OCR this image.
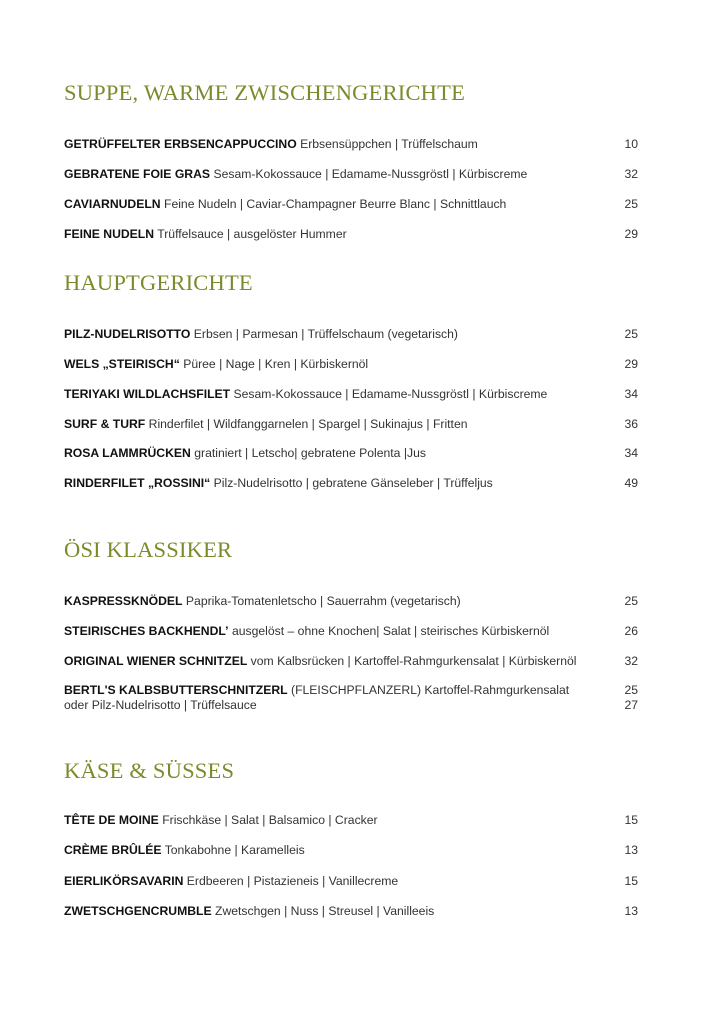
SUPPE, WARME ZWISCHENGERICHTE
GETRÜFFELTER ERBSENCAPPUCCINO Erbsensüppchen | Trüffelschaum	10
GEBRATENE FOIE GRAS Sesam-Kokossauce | Edamame-Nussgröstl | Kürbiscreme	32
CAVIARNUDELN Feine Nudeln | Caviar-Champagner Beurre Blanc | Schnittlauch	25
FEINE NUDELN Trüffelsauce | ausgelöster Hummer	29
HAUPTGERICHTE
PILZ-NUDELRISOTTO Erbsen | Parmesan | Trüffelschaum (vegetarisch)	25
WELS „STEIRISCH“ Püree | Nage | Kren | Kürbiskernöl	29
TERIYAKI WILDLACHSFILET Sesam-Kokossauce | Edamame-Nussgröstl | Kürbiscreme	34
SURF & TURF Rinderfilet | Wildfanggarnelen | Spargel | Sukinajus | Fritten	36
ROSA LAMMRÜCKEN gratiniert | Letscho| gebratene Polenta |Jus	34
RINDERFILET „ROSSINI“ Pilz-Nudelrisotto | gebratene Gänseleber | Trüffeljus	49
ÖSI KLASSIKER
KASPRESSKNÖDEL Paprika-Tomatenletscho | Sauerrahm (vegetarisch)	25
STEIRISCHES BACKHENDL’ ausgelöst – ohne Knochen| Salat | steirisches Kürbiskernöl	26
ORIGINAL WIENER SCHNITZEL vom Kalbsrücken | Kartoffel-Rahmgurkensalat | Kürbiskernöl	32
BERTL'S KALBSBUTTERSCHNITZERL (FLEISCHPFLANZERL) Kartoffel-Rahmgurkensalat	25
oder Pilz-Nudelrisotto | Trüffelsauce	27
KÄSE & SÜSSES
TÊTE DE MOINE Frischkäse | Salat | Balsamico | Cracker	15
CRÈME BRÛLÉE Tonkabohne | Karamelleis	13
EIERLIKÖRSAVARIN Erdbeeren | Pistazieneis | Vanillecreme	15
ZWETSCHGENCRUMBLE Zwetschgen | Nuss | Streusel | Vanilleeis	13
